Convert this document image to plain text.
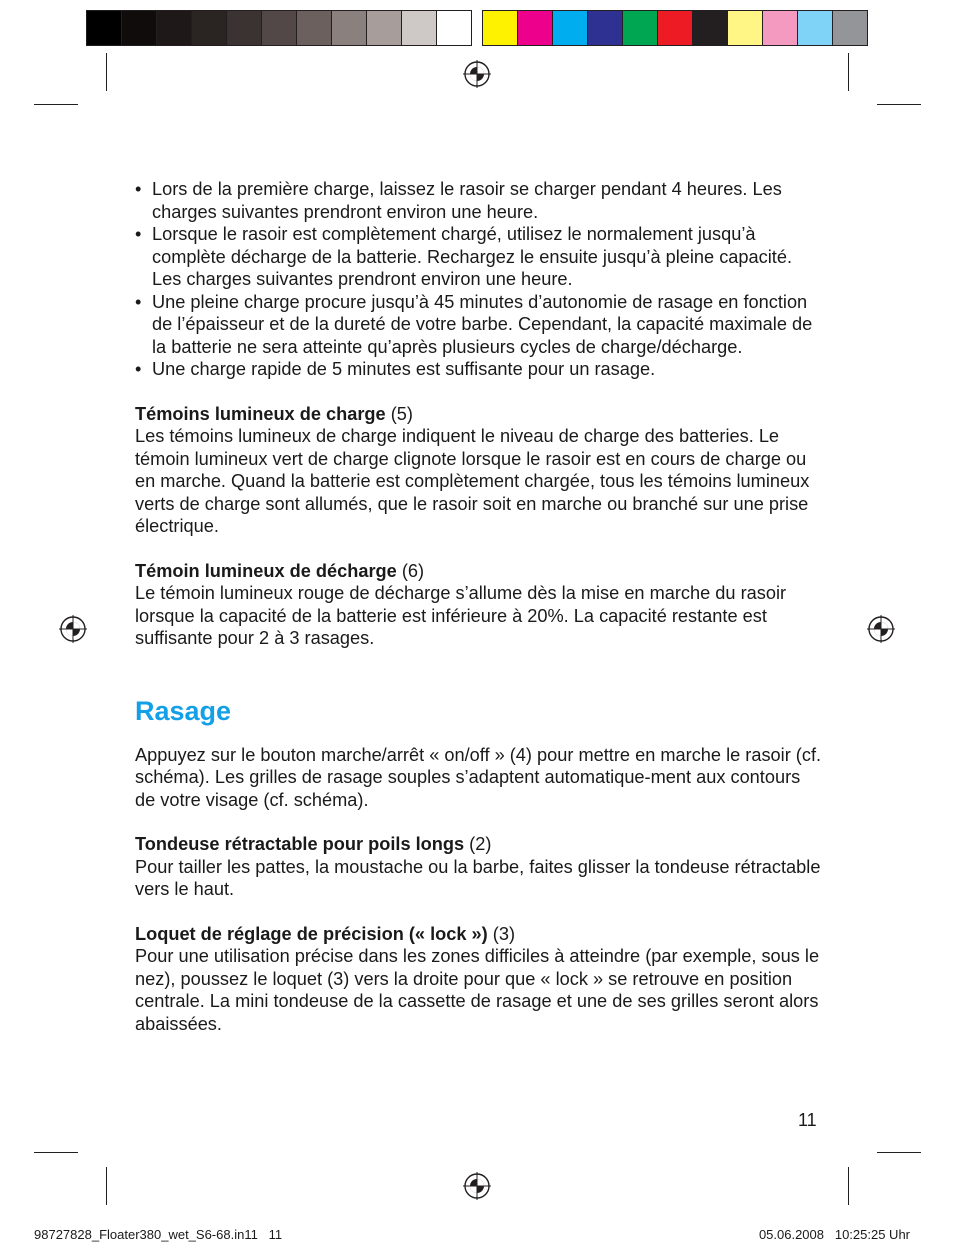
• Lors de la première charge, laissez le rasoir se charger pendant 4 heures. Les charges suivantes prendront environ une heure.
• Lorsque le rasoir est complètement chargé, utilisez le normalement jusqu’à complète décharge de la batterie. Rechargez le ensuite jusqu’à pleine capacité. Les charges suivantes prendront environ une heure.
• Une pleine charge procure jusqu’à 45 minutes d’autonomie de rasage en fonction de l’épaisseur et de la dureté de votre barbe. Cependant, la capacité maximale de la batterie ne sera atteinte qu’après plusieurs cycles de charge/décharge.
• Une charge rapide de 5 minutes est suffisante pour un rasage.

Témoins lumineux de charge (5)

Les témoins lumineux de charge indiquent le niveau de charge des batteries. Le témoin lumineux vert de charge clignote lorsque le rasoir est en cours de charge ou en marche. Quand la batterie est complètement chargée, tous les témoins lumineux verts de charge sont allumés, que le rasoir soit en marche ou branché sur une prise électrique.

Témoin lumineux de décharge (6)

Le témoin lumineux rouge de décharge s’allume dès la mise en marche du rasoir lorsque la capacité de la batterie est inférieure à 20%. La capacité restante est suffisante pour 2 à 3 rasages.

Rasage

Appuyez sur le bouton marche/arrêt « on/off » (4) pour mettre en marche le rasoir (cf. schéma). Les grilles de rasage souples s’adaptent automatique-ment aux contours de votre visage (cf. schéma).

Tondeuse rétractable pour poils longs (2)

Pour tailler les pattes, la moustache ou la barbe, faites glisser la tondeuse rétractable vers le haut.

Loquet de réglage de précision (« lock ») (3)

Pour une utilisation précise dans les zones difficiles à atteindre (par exemple, sous le nez), poussez le loquet (3) vers la droite pour que « lock » se retrouve en position centrale. La mini tondeuse de la cassette de rasage et une de ses grilles seront alors abaissées.

11
98727828_Floater380_wet_S6-68.in11   11	05.06.2008   10:25:25 Uhr
